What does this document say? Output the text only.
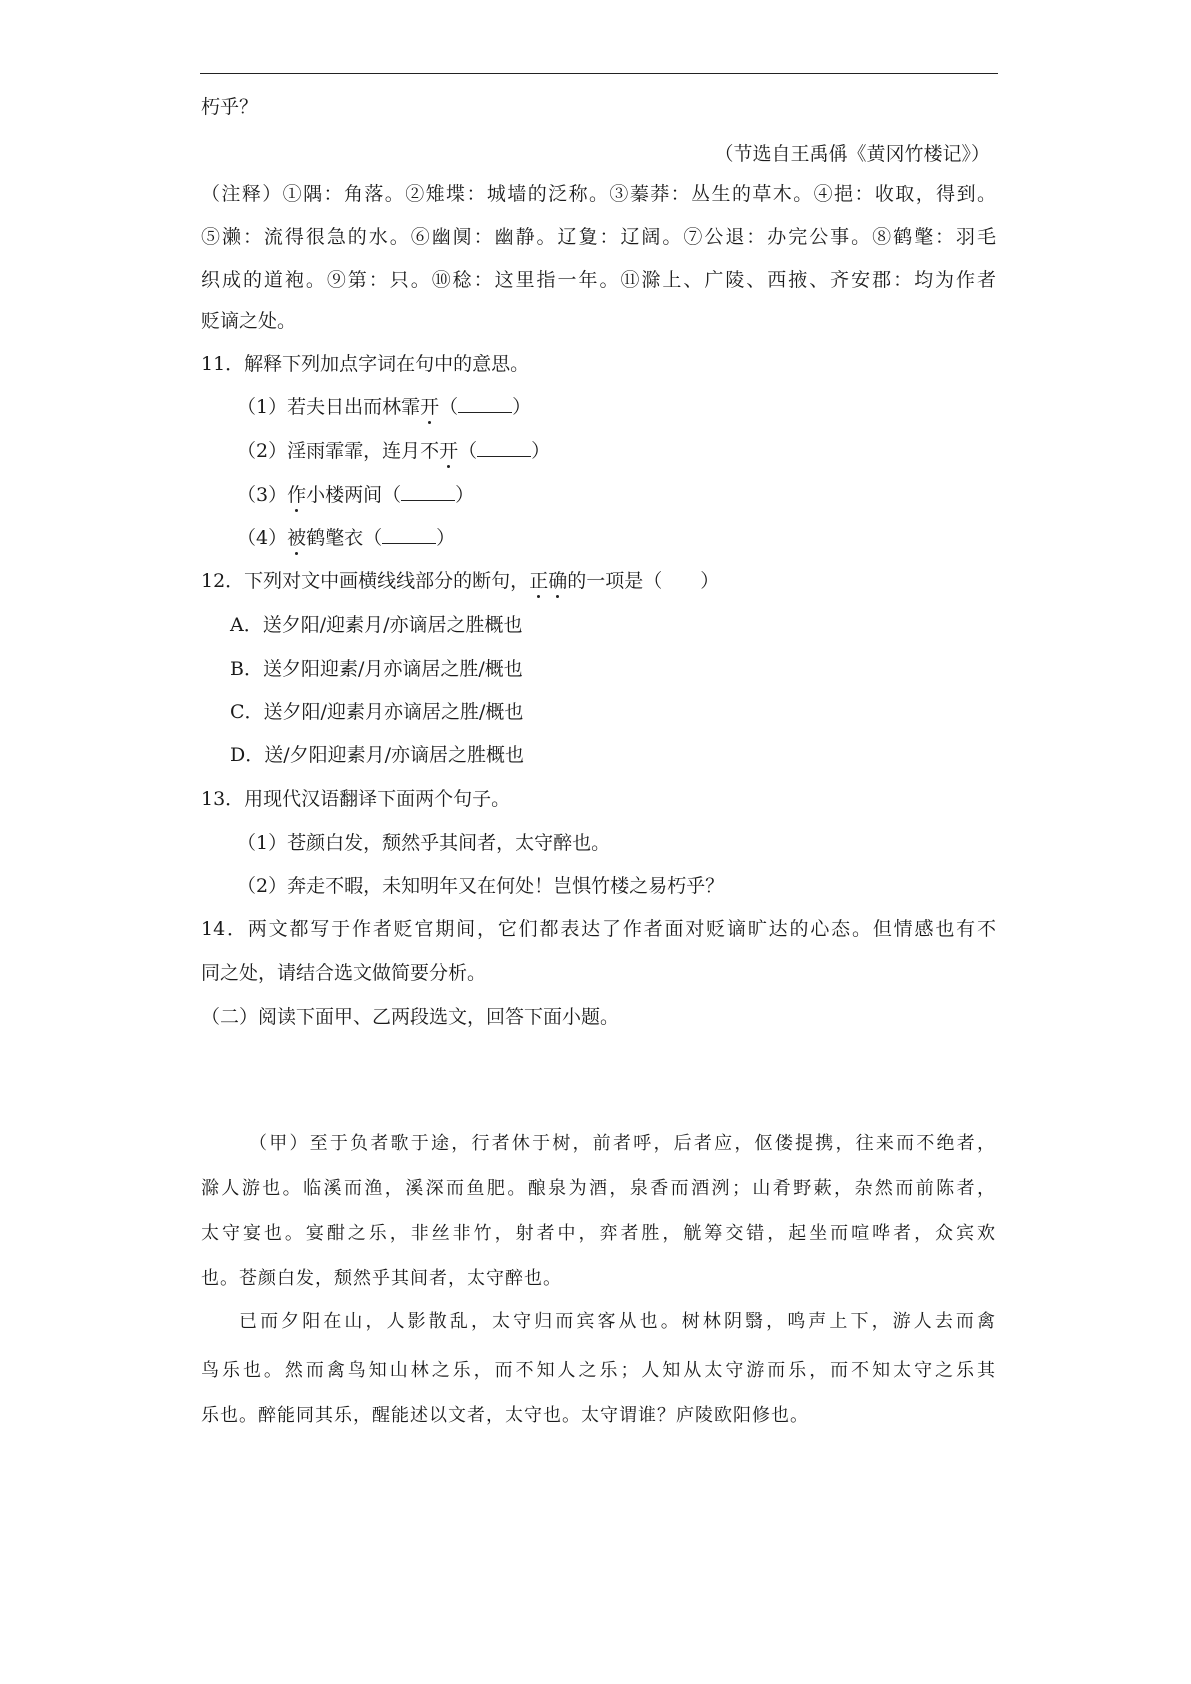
朽乎？
（节选自王禹偁《黄冈竹楼记》）
（注释）①隅：角落。②雉堞：城墙的泛称。③蓁莽：丛生的草木。④挹：收取，得到。
⑤濑：流得很急的水。⑥幽阒：幽静。辽夐：辽阔。⑦公退：办完公事。⑧鹤氅：羽毛
织成的道袍。⑨第：只。⑩稔：这里指一年。⑪滁上、广陵、西掖、齐安郡：均为作者
贬谪之处。
11．解释下列加点字词在句中的意思。
（1）若夫日出而林霏开（	）
（2）淫雨霏霏，连月不开（	）
（3）作小楼两间（	）
（4）被鹤氅衣（	）
12．下列对文中画横线线部分的断句，正确的一项是（　　）
A．送夕阳/迎素月/亦谪居之胜概也
B．送夕阳迎素/月亦谪居之胜/概也
C．送夕阳/迎素月亦谪居之胜/概也
D．送/夕阳迎素月/亦谪居之胜概也
13．用现代汉语翻译下面两个句子。
（1）苍颜白发，颓然乎其间者，太守醉也。
（2）奔走不暇，未知明年又在何处！岂惧竹楼之易朽乎？
14．两文都写于作者贬官期间，它们都表达了作者面对贬谪旷达的心态。但情感也有不
同之处，请结合选文做简要分析。
（二）阅读下面甲、乙两段选文，回答下面小题。
（甲）至于负者歌于途，行者休于树，前者呼，后者应，伛偻提携，往来而不绝者，
滁人游也。临溪而渔，溪深而鱼肥。酿泉为酒，泉香而酒洌；山肴野蔌，杂然而前陈者，
太守宴也。宴酣之乐，非丝非竹，射者中，弈者胜，觥筹交错，起坐而喧哗者，众宾欢
也。苍颜白发，颓然乎其间者，太守醉也。
已而夕阳在山，人影散乱，太守归而宾客从也。树林阴翳，鸣声上下，游人去而禽
鸟乐也。然而禽鸟知山林之乐，而不知人之乐；人知从太守游而乐，而不知太守之乐其
乐也。醉能同其乐，醒能述以文者，太守也。太守谓谁？庐陵欧阳修也。
